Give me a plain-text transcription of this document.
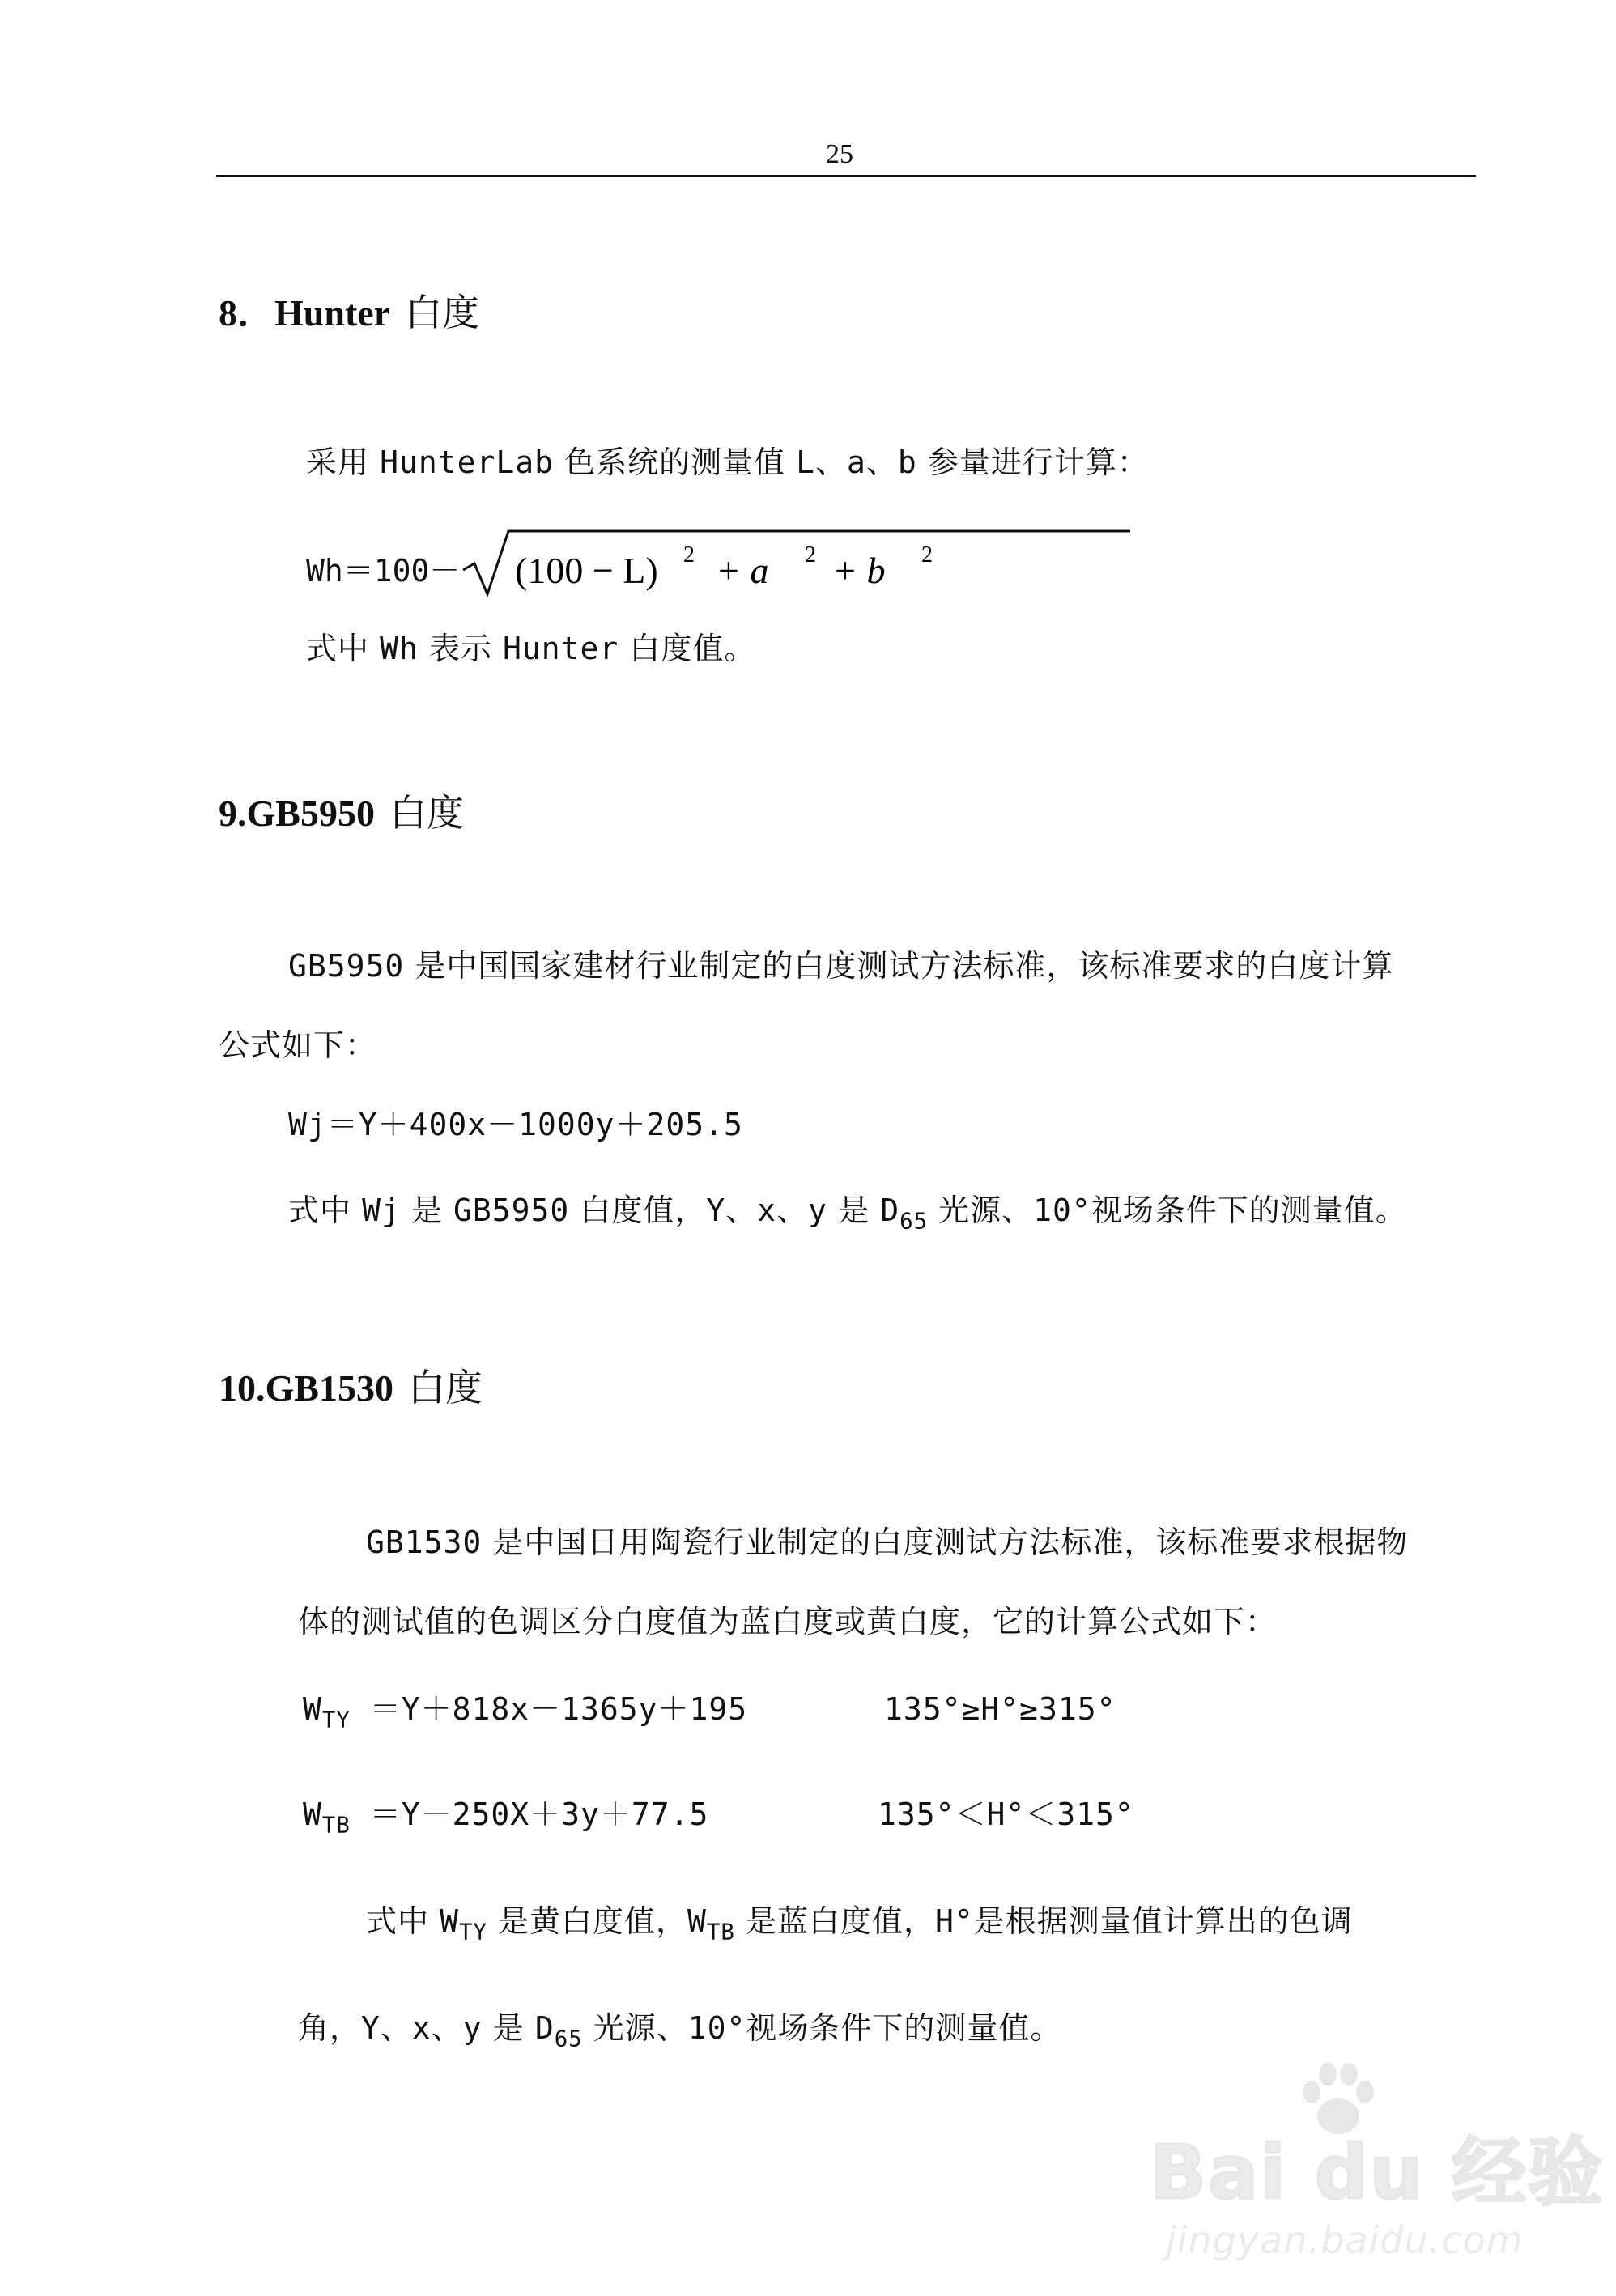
25
8．Hunter 白度
采用 HunterLab 色系统的测量值 L、a、b 参量进行计算：
Wh＝100－ (100 − L) 2 + a 2 + b 2
式中 Wh 表示 Hunter 白度值。
9.GB5950 白度
GB5950 是中国国家建材行业制定的白度测试方法标准，该标准要求的白度计算
公式如下：
Wj＝Y＋400x－1000y＋205.5
式中 Wj 是 GB5950 白度值，Y、x、y 是 $D_{65}$ 光源、10°视场条件下的测量值。
10.GB1530 白度
GB1530 是中国日用陶瓷行业制定的白度测试方法标准，该标准要求根据物
体的测试值的色调区分白度值为蓝白度或黄白度，它的计算公式如下：
$W_{TY} =Y+818x-1365y+195$	135°≥H°≥315°
$W_{TB} =Y-250X+3y+77.5$	135°＜H°＜315°
式中 $W_{TY}$ 是黄白度值，$W_{TB}$ 是蓝白度值，H°是根据测量值计算出的色调
角，Y、x、y 是 $D_{65}$ 光源、10°视场条件下的测量值。
Bai du 经验
jingyan.baidu.com
